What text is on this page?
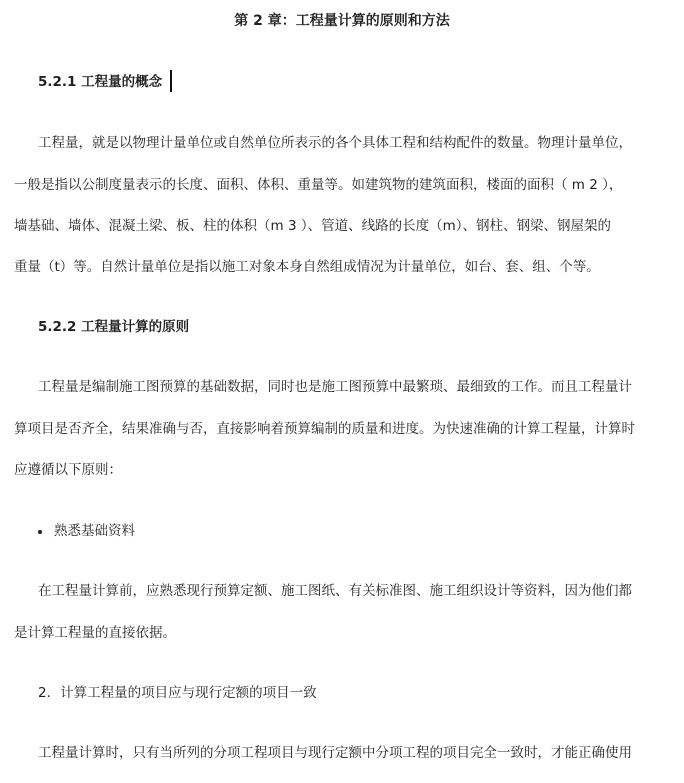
第 2 章：工程量计算的原则和方法
5.2.1 工程量的概念
工程量，就是以物理计量单位或自然单位所表示的各个具体工程和结构配件的数量。物理计量单位，
一般是指以公制度量表示的长度、面积、体积、重量等。如建筑物的建筑面积，楼面的面积（ m 2 ），
墙基础、墙体、混凝土梁、板、柱的体积（m 3 ）、管道、线路的长度（m）、钢柱、钢梁、钢屋架的
重量（t）等。自然计量单位是指以施工对象本身自然组成情况为计量单位，如台、套、组、个等。
5.2.2 工程量计算的原则
工程量是编制施工图预算的基础数据，同时也是施工图预算中最繁琐、最细致的工作。而且工程量计
算项目是否齐全，结果准确与否，直接影响着预算编制的质量和进度。为快速准确的计算工程量，计算时
应遵循以下原则：
熟悉基础资料
在工程量计算前，应熟悉现行预算定额、施工图纸、有关标准图、施工组织设计等资料，因为他们都
是计算工程量的直接依据。
2．计算工程量的项目应与现行定额的项目一致
工程量计算时，只有当所列的分项工程项目与现行定额中分项工程的项目完全一致时，才能正确使用
